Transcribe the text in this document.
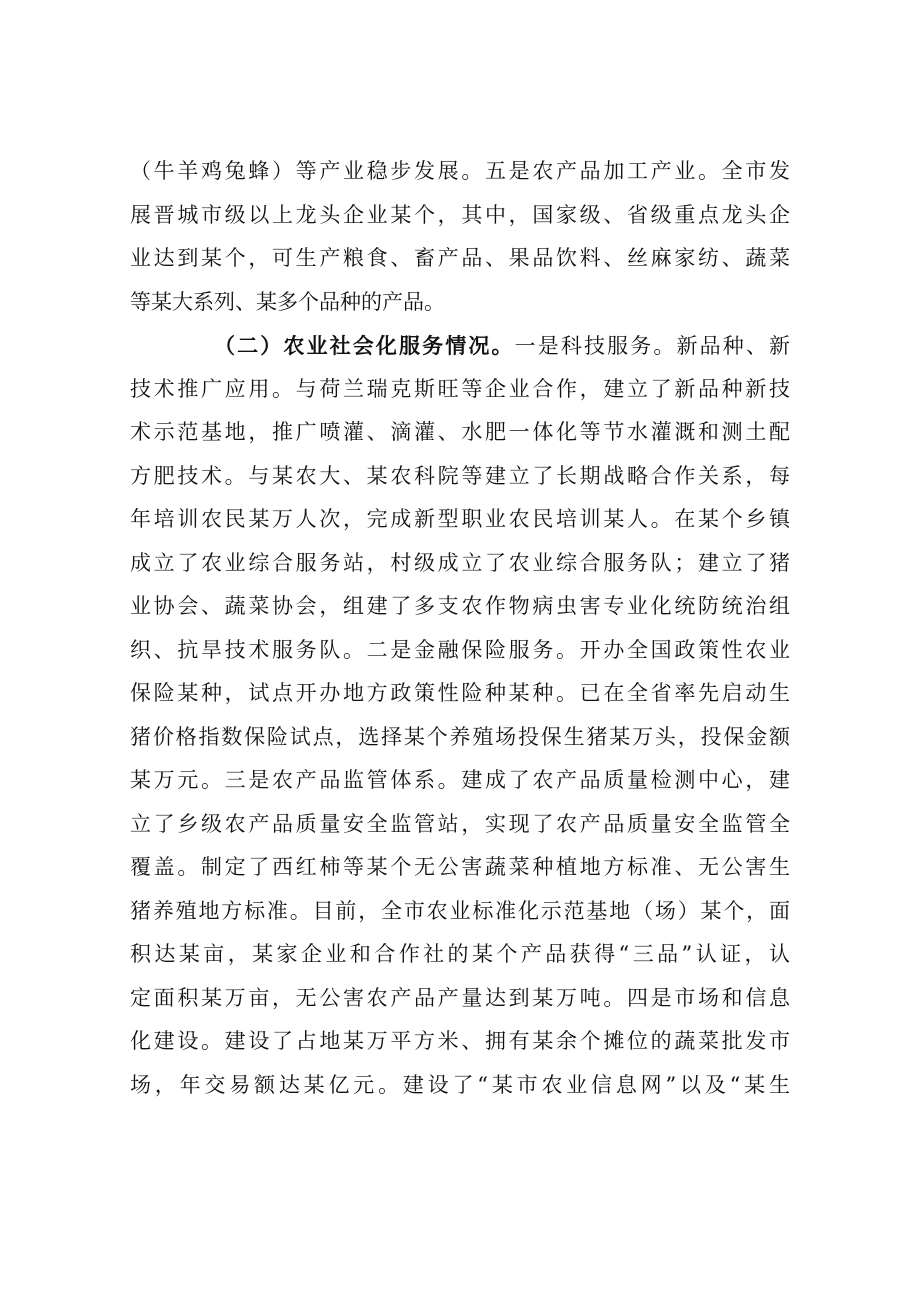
（牛羊鸡兔蜂）等产业稳步发展。五是农产品加工产业。全市发
展晋城市级以上龙头企业某个，其中，国家级、省级重点龙头企
业达到某个，可生产粮食、畜产品、果品饮料、丝麻家纺、蔬菜
等某大系列、某多个品种的产品。
（二）农业社会化服务情况。一是科技服务。新品种、新
技术推广应用。与荷兰瑞克斯旺等企业合作，建立了新品种新技
术示范基地，推广喷灌、滴灌、水肥一体化等节水灌溉和测土配
方肥技术。与某农大、某农科院等建立了长期战略合作关系，每
年培训农民某万人次，完成新型职业农民培训某人。在某个乡镇
成立了农业综合服务站，村级成立了农业综合服务队；建立了猪
业协会、蔬菜协会，组建了多支农作物病虫害专业化统防统治组
织、抗旱技术服务队。二是金融保险服务。开办全国政策性农业
保险某种，试点开办地方政策性险种某种。已在全省率先启动生
猪价格指数保险试点，选择某个养殖场投保生猪某万头，投保金额
某万元。三是农产品监管体系。建成了农产品质量检测中心，建
立了乡级农产品质量安全监管站，实现了农产品质量安全监管全
覆盖。制定了西红柿等某个无公害蔬菜种植地方标准、无公害生
猪养殖地方标准。目前，全市农业标准化示范基地（场）某个，面
积达某亩，某家企业和合作社的某个产品获得“三品”认证，认
定面积某万亩，无公害农产品产量达到某万吨。四是市场和信息
化建设。建设了占地某万平方米、拥有某余个摊位的蔬菜批发市
场，年交易额达某亿元。建设了“某市农业信息网”以及“某生
